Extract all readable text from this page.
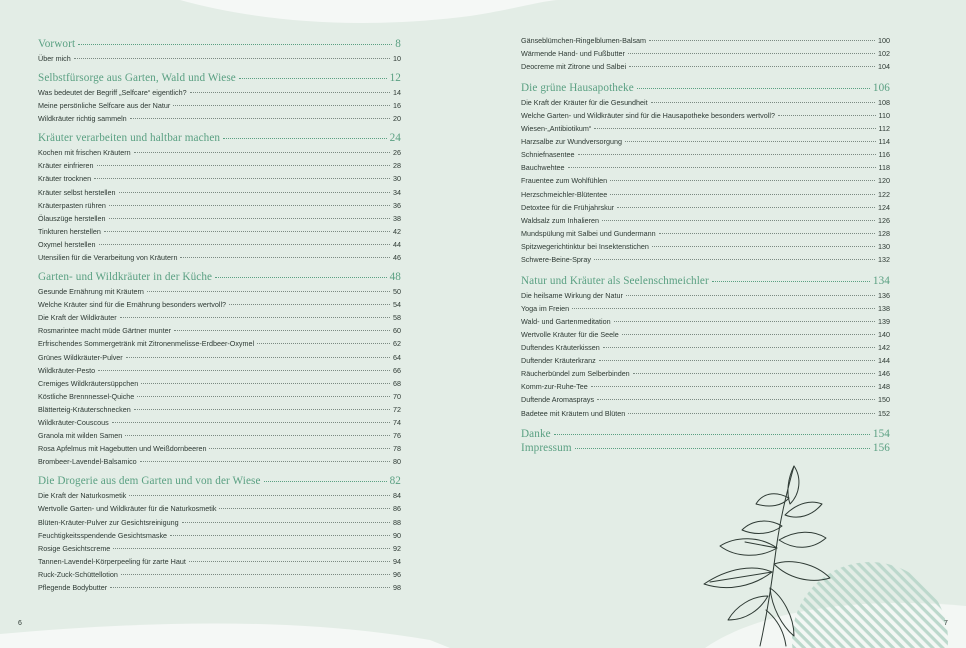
Vorwort	8
Über mich	10
Selbstfürsorge aus Garten, Wald und Wiese	12
Was bedeutet der Begriff „Selfcare“ eigentlich?	14
Meine persönliche Selfcare aus der Natur	16
Wildkräuter richtig sammeln	20
Kräuter verarbeiten und haltbar machen	24
Kochen mit frischen Kräutern	26
Kräuter einfrieren	28
Kräuter trocknen	30
Kräuter selbst herstellen	34
Kräuterpasten rühren	36
Ölauszüge herstellen	38
Tinkturen herstellen	42
Oxymel herstellen	44
Utensilien für die Verarbeitung von Kräutern	46
Garten- und Wildkräuter in der Küche	48
Gesunde Ernährung mit Kräutern	50
Welche Kräuter sind für die Ernährung besonders wertvoll?	54
Die Kraft der Wildkräuter	58
Rosmarintee macht müde Gärtner munter	60
Erfrischendes Sommergetränk mit Zitronenmelisse-Erdbeer-Oxymel	62
Grünes Wildkräuter-Pulver	64
Wildkräuter-Pesto	66
Cremiges Wildkräutersüppchen	68
Köstliche Brennnessel-Quiche	70
Blätterteig-Kräuterschnecken	72
Wildkräuter-Couscous	74
Granola mit wilden Samen	76
Rosa Apfelmus mit Hagebutten und Weißdornbeeren	78
Brombeer-Lavendel-Balsamico	80
Die Drogerie aus dem Garten und von der Wiese	82
Die Kraft der Naturkosmetik	84
Wertvolle Garten- und Wildkräuter für die Naturkosmetik	86
Blüten-Kräuter-Pulver zur Gesichtsreinigung	88
Feuchtigkeitsspendende Gesichtsmaske	90
Rosige Gesichtscreme	92
Tannen-Lavendel-Körperpeeling für zarte Haut	94
Ruck-Zuck-Schüttellotion	96
Pflegende Bodybutter	98
Gänseblümchen-Ringelblumen-Balsam	100
Wärmende Hand- und Fußbutter	102
Deocreme mit Zitrone und Salbei	104
Die grüne Hausapotheke	106
Die Kraft der Kräuter für die Gesundheit	108
Welche Garten- und Wildkräuter sind für die Hausapotheke besonders wertvoll?	110
Wiesen-„Antibiotikum“	112
Harzsalbe zur Wundversorgung	114
Schniefnasentee	116
Bauchwehtee	118
Frauentee zum Wohlfühlen	120
Herzschmeichler-Blütentee	122
Detoxtee für die Frühjahrskur	124
Waldsalz zum Inhalieren	126
Mundspülung mit Salbei und Gundermann	128
Spitzwegerichtinktur bei Insektenstichen	130
Schwere-Beine-Spray	132
Natur und Kräuter als Seelenschmeichler	134
Die heilsame Wirkung der Natur	136
Yoga im Freien	138
Wald- und Gartenmeditation	139
Wertvolle Kräuter für die Seele	140
Duftendes Kräuterkissen	142
Duftender Kräuterkranz	144
Räucherbündel zum Selberbinden	146
Komm-zur-Ruhe-Tee	148
Duftende Aromasprays	150
Badetee mit Kräutern und Blüten	152
Danke	154
Impressum	156
6	7
